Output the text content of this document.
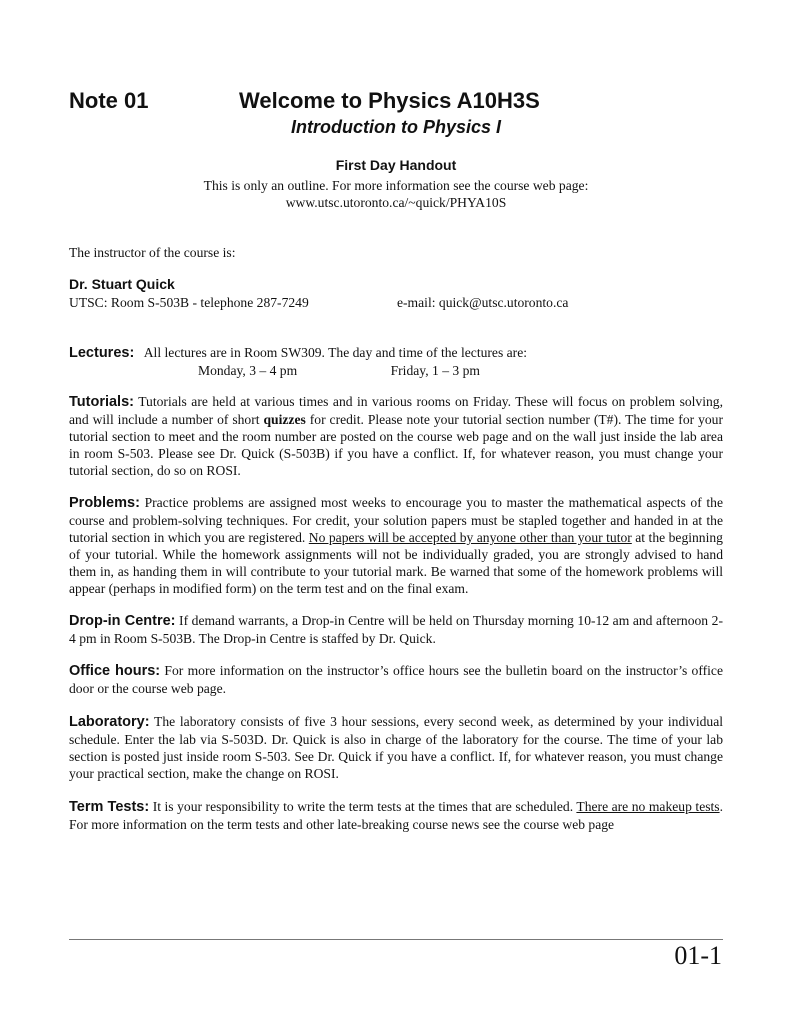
Note 01	Welcome to Physics A10H3S
Introduction to Physics I
First Day Handout
This is only an outline. For more information see the course web page:
www.utsc.utoronto.ca/~quick/PHYA10S
The instructor of the course is:
Dr. Stuart Quick
UTSC: Room S-503B - telephone 287-7249	e-mail: quick@utsc.utoronto.ca
Lectures: All lectures are in Room SW309. The day and time of the lectures are:
Monday, 3 – 4 pm	Friday, 1 – 3 pm
Tutorials: Tutorials are held at various times and in various rooms on Friday. These will focus on problem solving, and will include a number of short quizzes for credit. Please note your tutorial section number (T#). The time for your tutorial section to meet and the room number are posted on the course web page and on the wall just inside the lab area in room S-503. Please see Dr. Quick (S-503B) if you have a conflict. If, for whatever reason, you must change your tutorial section, do so on ROSI.
Problems: Practice problems are assigned most weeks to encourage you to master the mathematical aspects of the course and problem-solving techniques. For credit, your solution papers must be stapled together and handed in at the tutorial section in which you are registered. No papers will be accepted by anyone other than your tutor at the beginning of your tutorial. While the homework assignments will not be individually graded, you are strongly advised to hand them in, as handing them in will contribute to your tutorial mark. Be warned that some of the homework problems will appear (perhaps in modified form) on the term test and on the final exam.
Drop-in Centre: If demand warrants, a Drop-in Centre will be held on Thursday morning 10-12 am and afternoon 2-4 pm in Room S-503B. The Drop-in Centre is staffed by Dr. Quick.
Office hours: For more information on the instructor’s office hours see the bulletin board on the instructor’s office door or the course web page.
Laboratory: The laboratory consists of five 3 hour sessions, every second week, as determined by your individual schedule. Enter the lab via S-503D. Dr. Quick is also in charge of the laboratory for the course. The time of your lab section is posted just inside room S-503. See Dr. Quick if you have a conflict. If, for whatever reason, you must change your practical section, make the change on ROSI.
Term Tests: It is your responsibility to write the term tests at the times that are scheduled. There are no makeup tests. For more information on the term tests and other late-breaking course news see the course web page
01-1
